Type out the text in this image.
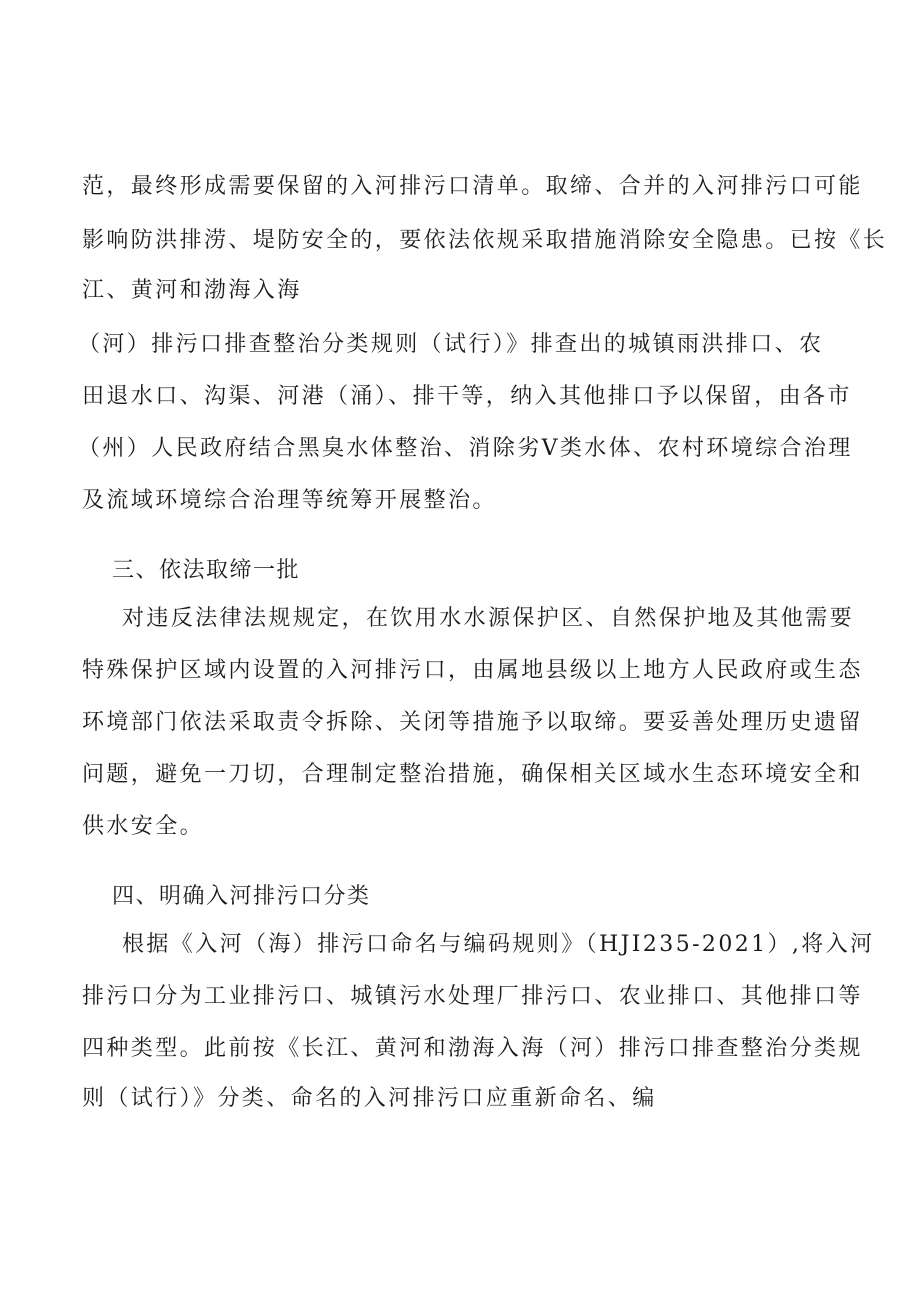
范，最终形成需要保留的入河排污口清单。取缔、合并的入河排污口可能
影响防洪排涝、堤防安全的，要依法依规采取措施消除安全隐患。已按《长
江、黄河和渤海入海
（河）排污口排查整治分类规则（试行）》排查出的城镇雨洪排口、农
田退水口、沟渠、河港（涌）、排干等，纳入其他排口予以保留，由各市
（州）人民政府结合黑臭水体整治、消除劣V类水体、农村环境综合治理
及流域环境综合治理等统筹开展整治。
三、依法取缔一批
对违反法律法规规定，在饮用水水源保护区、自然保护地及其他需要
特殊保护区域内设置的入河排污口，由属地县级以上地方人民政府或生态
环境部门依法采取责令拆除、关闭等措施予以取缔。要妥善处理历史遗留
问题，避免一刀切，合理制定整治措施，确保相关区域水生态环境安全和
供水安全。
四、明确入河排污口分类
根据《入河（海）排污口命名与编码规则》（HJI235-2021）,将入河
排污口分为工业排污口、城镇污水处理厂排污口、农业排口、其他排口等
四种类型。此前按《长江、黄河和渤海入海（河）排污口排查整治分类规
则（试行）》分类、命名的入河排污口应重新命名、编
